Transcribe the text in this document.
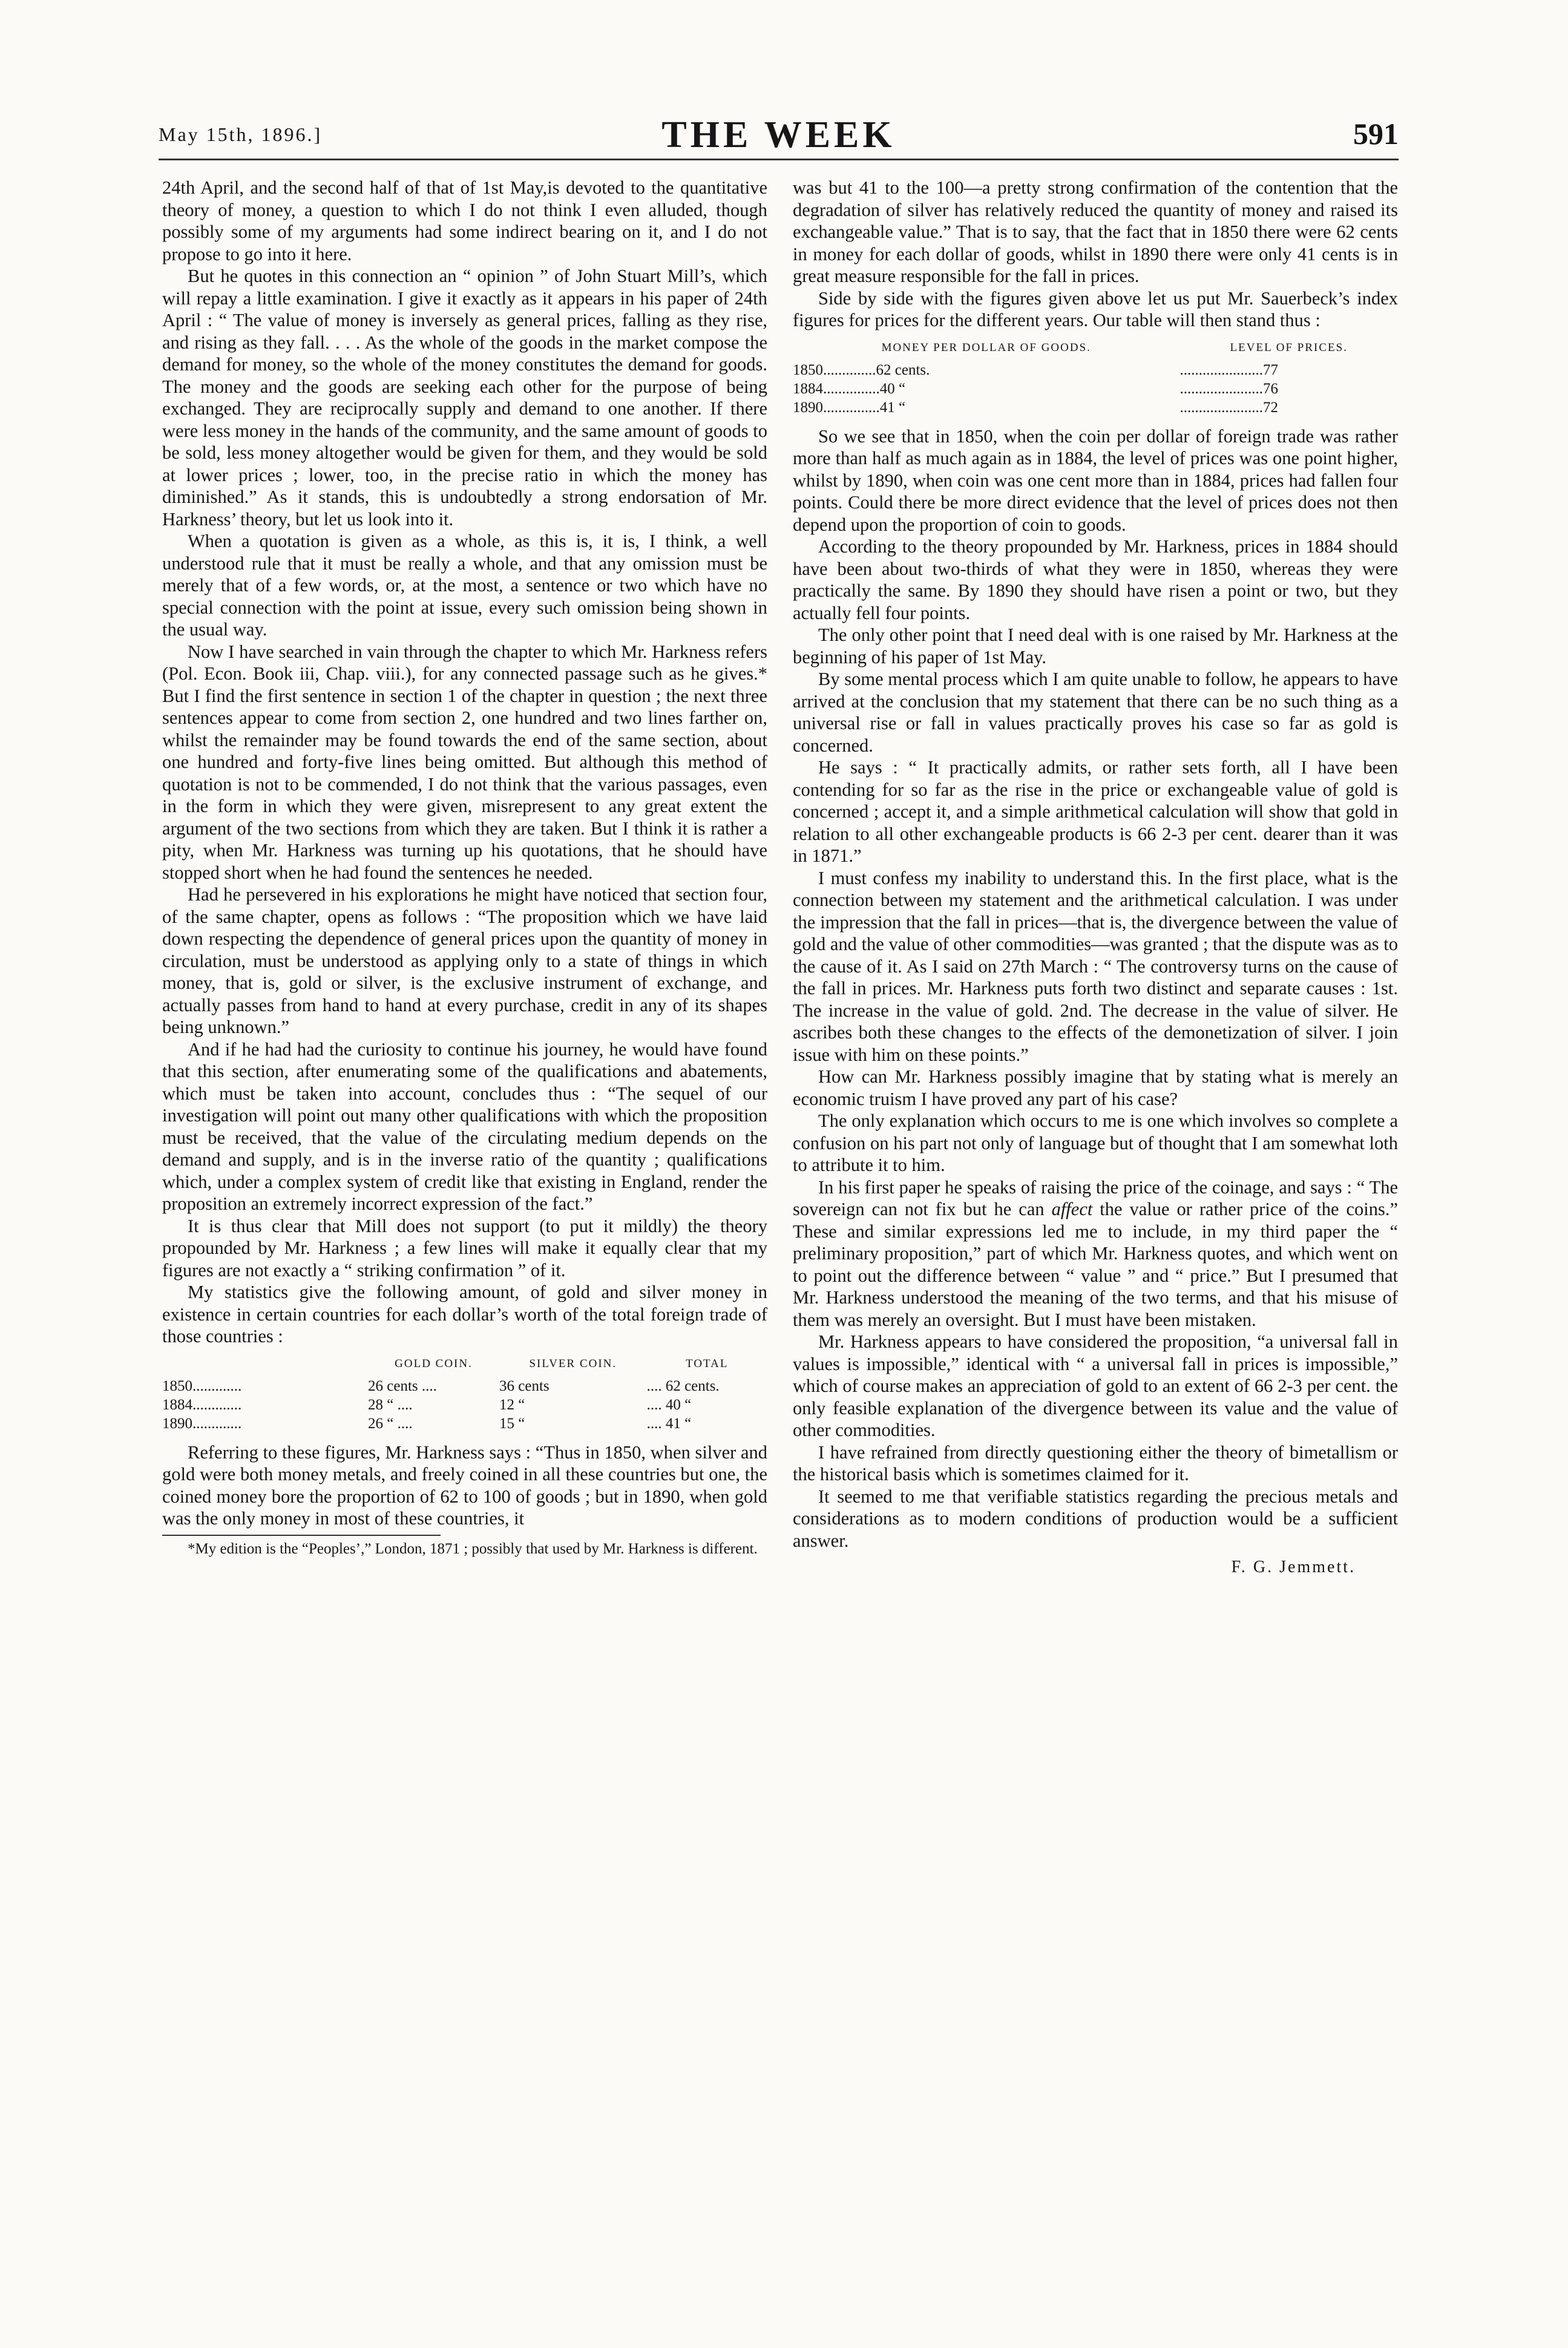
May 15th, 1896.]	THE WEEK	591

24th April, and the second half of that of 1st May,is devoted to the quantitative theory of money, a question to which I do not think I even alluded, though possibly some of my arguments had some indirect bearing on it, and I do not propose to go into it here.

But he quotes in this connection an “ opinion ” of John Stuart Mill’s, which will repay a little examination. I give it exactly as it appears in his paper of 24th April : “ The value of money is inversely as general prices, falling as they rise, and rising as they fall. . . . As the whole of the goods in the market compose the demand for money, so the whole of the money constitutes the demand for goods. The money and the goods are seeking each other for the purpose of being exchanged. They are reciprocally supply and demand to one another. If there were less money in the hands of the community, and the same amount of goods to be sold, less money altogether would be given for them, and they would be sold at lower prices ; lower, too, in the precise ratio in which the money has diminished.” As it stands, this is undoubtedly a strong endorsation of Mr. Harkness’ theory, but let us look into it.

When a quotation is given as a whole, as this is, it is, I think, a well understood rule that it must be really a whole, and that any omission must be merely that of a few words, or, at the most, a sentence or two which have no special connection with the point at issue, every such omission being shown in the usual way.

Now I have searched in vain through the chapter to which Mr. Harkness refers (Pol. Econ. Book iii, Chap. viii.), for any connected passage such as he gives.* But I find the first sentence in section 1 of the chapter in question ; the next three sentences appear to come from section 2, one hundred and two lines farther on, whilst the remainder may be found towards the end of the same section, about one hundred and forty-five lines being omitted. But although this method of quotation is not to be commended, I do not think that the various passages, even in the form in which they were given, misrepresent to any great extent the argument of the two sections from which they are taken. But I think it is rather a pity, when Mr. Harkness was turning up his quotations, that he should have stopped short when he had found the sentences he needed.

Had he persevered in his explorations he might have noticed that section four, of the same chapter, opens as follows : “The proposition which we have laid down respecting the dependence of general prices upon the quantity of money in circulation, must be understood as applying only to a state of things in which money, that is, gold or silver, is the exclusive instrument of exchange, and actually passes from hand to hand at every purchase, credit in any of its shapes being unknown.”

And if he had had the curiosity to continue his journey, he would have found that this section, after enumerating some of the qualifications and abatements, which must be taken into account, concludes thus : “The sequel of our investigation will point out many other qualifications with which the proposition must be received, that the value of the circulating medium depends on the demand and supply, and is in the inverse ratio of the quantity ; qualifications which, under a complex system of credit like that existing in England, render the proposition an extremely incorrect expression of the fact.”

It is thus clear that Mill does not support (to put it mildly) the theory propounded by Mr. Harkness ; a few lines will make it equally clear that my figures are not exactly a “ striking confirmation ” of it.

My statistics give the following amount, of gold and silver money in existence in certain countries for each dollar’s worth of the total foreign trade of those countries :

	GOLD COIN.	SILVER COIN.	TOTAL
1850.............	26 cents ....	36 cents	.... 62 cents.
1884.............	28 “ ....	12 “	.... 40 “
1890.............	26 “ ....	15 “	.... 41 “

Referring to these figures, Mr. Harkness says : “Thus in 1850, when silver and gold were both money metals, and freely coined in all these countries but one, the coined money bore the proportion of 62 to 100 of goods ; but in 1890, when gold was the only money in most of these countries, it

*My edition is the “Peoples’,” London, 1871 ; possibly that used by Mr. Harkness is different.

was but 41 to the 100—a pretty strong confirmation of the contention that the degradation of silver has relatively reduced the quantity of money and raised its exchangeable value.” That is to say, that the fact that in 1850 there were 62 cents in money for each dollar of goods, whilst in 1890 there were only 41 cents is in great measure responsible for the fall in prices.

Side by side with the figures given above let us put Mr. Sauerbeck’s index figures for prices for the different years. Our table will then stand thus :

MONEY PER DOLLAR OF GOODS.	LEVEL OF PRICES.
1850..............62 cents.	......................77
1884...............40 “	......................76
1890...............41 “	......................72

So we see that in 1850, when the coin per dollar of foreign trade was rather more than half as much again as in 1884, the level of prices was one point higher, whilst by 1890, when coin was one cent more than in 1884, prices had fallen four points. Could there be more direct evidence that the level of prices does not then depend upon the proportion of coin to goods.

According to the theory propounded by Mr. Harkness, prices in 1884 should have been about two-thirds of what they were in 1850, whereas they were practically the same. By 1890 they should have risen a point or two, but they actually fell four points.

The only other point that I need deal with is one raised by Mr. Harkness at the beginning of his paper of 1st May.

By some mental process which I am quite unable to follow, he appears to have arrived at the conclusion that my statement that there can be no such thing as a universal rise or fall in values practically proves his case so far as gold is concerned.

He says : “ It practically admits, or rather sets forth, all I have been contending for so far as the rise in the price or exchangeable value of gold is concerned ; accept it, and a simple arithmetical calculation will show that gold in relation to all other exchangeable products is 66 2-3 per cent. dearer than it was in 1871.”

I must confess my inability to understand this. In the first place, what is the connection between my statement and the arithmetical calculation. I was under the impression that the fall in prices—that is, the divergence between the value of gold and the value of other commodities—was granted ; that the dispute was as to the cause of it. As I said on 27th March : “ The controversy turns on the cause of the fall in prices. Mr. Harkness puts forth two distinct and separate causes : 1st. The increase in the value of gold. 2nd. The decrease in the value of silver. He ascribes both these changes to the effects of the demonetization of silver. I join issue with him on these points.”

How can Mr. Harkness possibly imagine that by stating what is merely an economic truism I have proved any part of his case?

The only explanation which occurs to me is one which involves so complete a confusion on his part not only of language but of thought that I am somewhat loth to attribute it to him.

In his first paper he speaks of raising the price of the coinage, and says : “ The sovereign can not fix but he can affect the value or rather price of the coins.” These and similar expressions led me to include, in my third paper the “ preliminary proposition,” part of which Mr. Harkness quotes, and which went on to point out the difference between “ value ” and “ price.” But I presumed that Mr. Harkness understood the meaning of the two terms, and that his misuse of them was merely an oversight. But I must have been mistaken.

Mr. Harkness appears to have considered the proposition, “a universal fall in values is impossible,” identical with “ a universal fall in prices is impossible,” which of course makes an appreciation of gold to an extent of 66 2-3 per cent. the only feasible explanation of the divergence between its value and the value of other commodities.

I have refrained from directly questioning either the theory of bimetallism or the historical basis which is sometimes claimed for it.

It seemed to me that verifiable statistics regarding the precious metals and considerations as to modern conditions of production would be a sufficient answer.

F. G. Jemmett.
